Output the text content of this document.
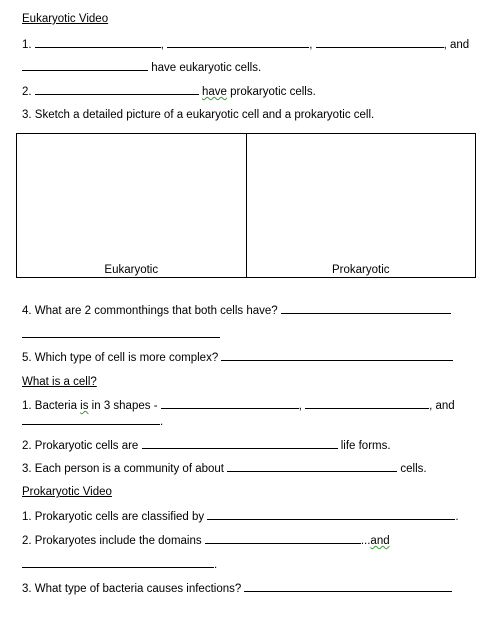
Eukaryotic Video
1.	,	,	, and
have eukaryotic cells.
2.	have prokaryotic cells.
3. Sketch a detailed picture of a eukaryotic cell and a prokaryotic cell.
Eukaryotic	Prokaryotic
4. What are 2 commonthings that both cells have?
5. Which type of cell is more complex?
What is a cell?
1. Bacteria is in 3 shapes -	,	, and
.
2. Prokaryotic cells are	life forms.
3. Each person is a community of about	cells.
Prokaryotic Video
1. Prokaryotic cells are classified by	.
2. Prokaryotes include the domains	...and
.
3. What type of bacteria causes infections?
